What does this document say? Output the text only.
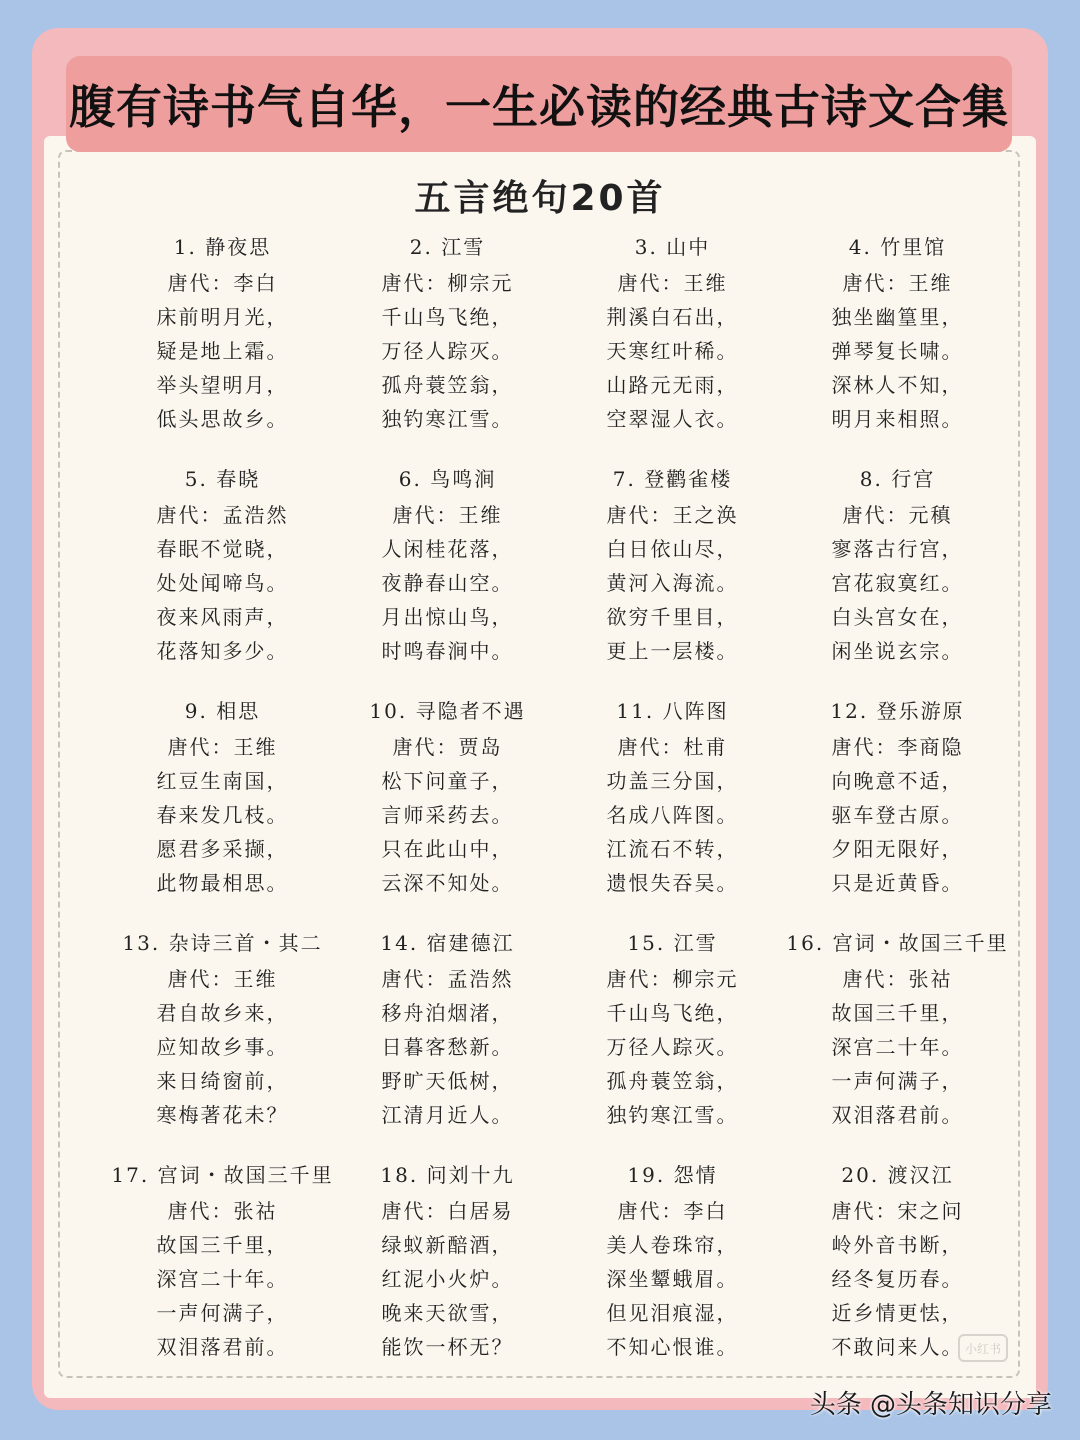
腹有诗书气自华，一生必读的经典古诗文合集
五言绝句20首
1. 静夜思
唐代：李白
床前明月光，
疑是地上霜。
举头望明月，
低头思故乡。
2. 江雪
唐代：柳宗元
千山鸟飞绝，
万径人踪灭。
孤舟蓑笠翁，
独钓寒江雪。
3. 山中
唐代：王维
荆溪白石出，
天寒红叶稀。
山路元无雨，
空翠湿人衣。
4. 竹里馆
唐代：王维
独坐幽篁里，
弹琴复长啸。
深林人不知，
明月来相照。
5. 春晓
唐代：孟浩然
春眠不觉晓，
处处闻啼鸟。
夜来风雨声，
花落知多少。
6. 鸟鸣涧
唐代：王维
人闲桂花落，
夜静春山空。
月出惊山鸟，
时鸣春涧中。
7. 登鹳雀楼
唐代：王之涣
白日依山尽，
黄河入海流。
欲穷千里目，
更上一层楼。
8. 行宫
唐代：元稹
寥落古行宫，
宫花寂寞红。
白头宫女在，
闲坐说玄宗。
9. 相思
唐代：王维
红豆生南国，
春来发几枝。
愿君多采撷，
此物最相思。
10. 寻隐者不遇
唐代：贾岛
松下问童子，
言师采药去。
只在此山中，
云深不知处。
11. 八阵图
唐代：杜甫
功盖三分国，
名成八阵图。
江流石不转，
遗恨失吞吴。
12. 登乐游原
唐代：李商隐
向晚意不适，
驱车登古原。
夕阳无限好，
只是近黄昏。
13. 杂诗三首・其二
唐代：王维
君自故乡来，
应知故乡事。
来日绮窗前，
寒梅著花未？
14. 宿建德江
唐代：孟浩然
移舟泊烟渚，
日暮客愁新。
野旷天低树，
江清月近人。
15. 江雪
唐代：柳宗元
千山鸟飞绝，
万径人踪灭。
孤舟蓑笠翁，
独钓寒江雪。
16. 宫词・故国三千里
唐代：张祜
故国三千里，
深宫二十年。
一声何满子，
双泪落君前。
17. 宫词・故国三千里
唐代：张祜
故国三千里，
深宫二十年。
一声何满子，
双泪落君前。
18. 问刘十九
唐代：白居易
绿蚁新醅酒，
红泥小火炉。
晚来天欲雪，
能饮一杯无？
19. 怨情
唐代：李白
美人卷珠帘，
深坐颦蛾眉。
但见泪痕湿，
不知心恨谁。
20. 渡汉江
唐代：宋之问
岭外音书断，
经冬复历春。
近乡情更怯，
不敢问来人。 小红书
头条 @头条知识分享
